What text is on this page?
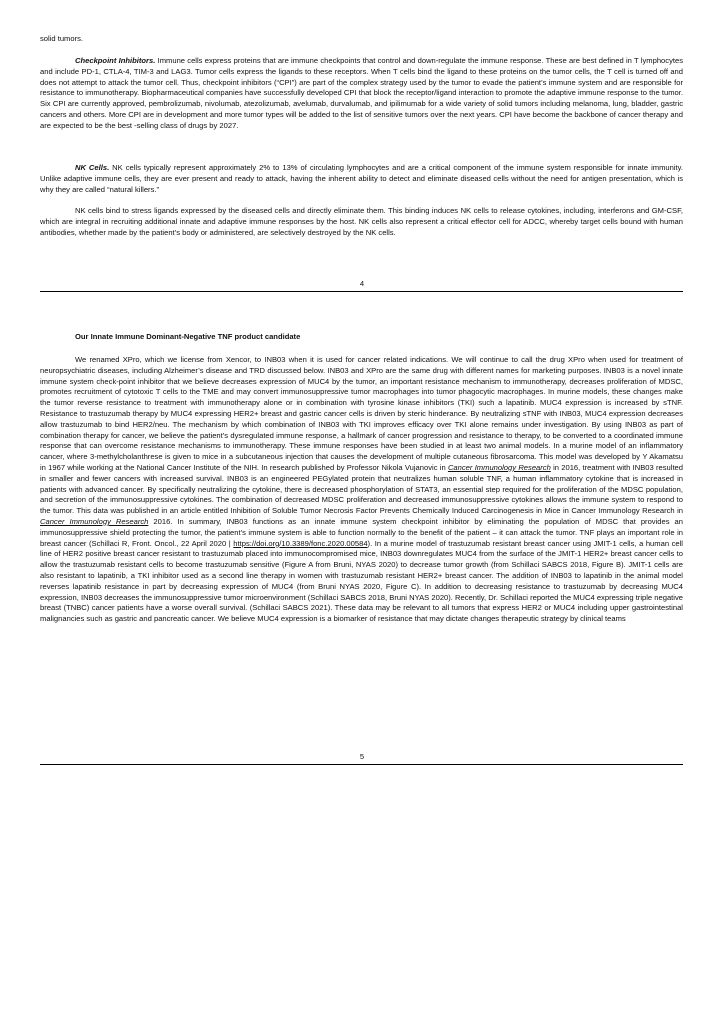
solid tumors.

Checkpoint Inhibitors. Immune cells express proteins that are immune checkpoints that control and down-regulate the immune response. These are best defined in T lymphocytes and include PD-1, CTLA-4, TIM-3 and LAG3. Tumor cells express the ligands to these receptors. When T cells bind the ligand to these proteins on the tumor cells, the T cell is turned off and does not attempt to attack the tumor cell. Thus, checkpoint inhibitors (“CPI”) are part of the complex strategy used by the tumor to evade the patient’s immune system and are responsible for resistance to immunotherapy. Biopharmaceutical companies have successfully developed CPI that block the receptor/ligand interaction to promote the adaptive immune response to the tumor. Six CPI are currently approved, pembrolizumab, nivolumab, atezolizumab, avelumab, durvalumab, and ipilimumab for a wide variety of solid tumors including melanoma, lung, bladder, gastric cancers and others. More CPI are in development and more tumor types will be added to the list of sensitive tumors over the next years. CPI have become the backbone of cancer therapy and are expected to be the best -selling class of drugs by 2027.

NK Cells. NK cells typically represent approximately 2% to 13% of circulating lymphocytes and are a critical component of the immune system responsible for innate immunity. Unlike adaptive immune cells, they are ever present and ready to attack, having the inherent ability to detect and eliminate diseased cells without the need for antigen presentation, which is why they are called “natural killers.”

NK cells bind to stress ligands expressed by the diseased cells and directly eliminate them. This binding induces NK cells to release cytokines, including, interferons and GM-CSF, which are integral in recruiting additional innate and adaptive immune responses by the host. NK cells also represent a critical effector cell for ADCC, whereby target cells bound with human antibodies, whether made by the patient’s body or administered, are selectively destroyed by the NK cells.

4

Our Innate Immune Dominant-Negative TNF product candidate

We renamed XPro, which we license from Xencor, to INB03 when it is used for cancer related indications. We will continue to call the drug XPro when used for treatment of neuropsychiatric diseases, including Alzheimer’s disease and TRD discussed below. INB03 and XPro are the same drug with different names for marketing purposes. INB03 is a novel innate immune system check-point inhibitor that we believe decreases expression of MUC4 by the tumor, an important resistance mechanism to immunotherapy, decreases proliferation of MDSC, promotes recruitment of cytotoxic T cells to the TME and may convert immunosuppressive tumor macrophages into tumor phagocytic macrophages. In murine models, these changes make the tumor reverse resistance to treatment with immunotherapy alone or in combination with tyrosine kinase inhibitors (TKI) such a lapatinib. MUC4 expression is increased by sTNF. Resistance to trastuzumab therapy by MUC4 expressing HER2+ breast and gastric cancer cells is driven by steric hinderance. By neutralizing sTNF with INB03, MUC4 expression decreases allow trastuzumab to bind HER2/neu. The mechanism by which combination of INB03 with TKI improves efficacy over TKI alone remains under investigation. By using INB03 as part of combination therapy for cancer, we believe the patient’s dysregulated immune response, a hallmark of cancer progression and resistance to therapy, to be converted to a coordinated immune response that can overcome resistance mechanisms to immunotherapy. These immune responses have been studied in at least two animal models. In a murine model of an inflammatory cancer, where 3-methylcholanthrese is given to mice in a subcutaneous injection that causes the development of multiple cutaneous fibrosarcoma. This model was developed by Y Akamatsu in 1967 while working at the National Cancer Institute of the NIH. In research published by Professor Nikola Vujanovic in Cancer Immunology Research in 2016, treatment with INB03 resulted in smaller and fewer cancers with increased survival. INB03 is an engineered PEGylated protein that neutralizes human soluble TNF, a human inflammatory cytokine that is increased in patients with advanced cancer. By specifically neutralizing the cytokine, there is decreased phosphorylation of STAT3, an essential step required for the proliferation of the MDSC population, and secretion of the immunosuppressive cytokines. The combination of decreased MDSC proliferation and decreased immunosuppressive cytokines allows the immune system to respond to the tumor. This data was published in an article entitled Inhibition of Soluble Tumor Necrosis Factor Prevents Chemically Induced Carcinogenesis in Mice in Cancer Immunology Research in Cancer Immunology Research 2016. In summary, INB03 functions as an innate immune system checkpoint inhibitor by eliminating the population of MDSC that provides an immunosuppressive shield protecting the tumor, the patient’s immune system is able to function normally to the benefit of the patient – it can attack the tumor. TNF plays an important role in breast cancer (Schillaci R, Front. Oncol., 22 April 2020 | https://doi.org/10.3389/fonc.2020.00584). In a murine model of trastuzumab resistant breast cancer using JMIT-1 cells, a human cell line of HER2 positive breast cancer resistant to trastuzumab placed into immunocompromised mice, INB03 downregulates MUC4 from the surface of the JMIT-1 HER2+ breast cancer cells to allow the trastuzumab resistant cells to become trastuzumab sensitive (Figure A from Bruni, NYAS 2020) to decrease tumor growth (from Schillaci SABCS 2018, Figure B). JMIT-1 cells are also resistant to lapatinib, a TKI inhibitor used as a second line therapy in women with trastuzumab resistant HER2+ breast cancer. The addition of INB03 to lapatinib in the animal model reverses lapatinib resistance in part by decreasing expression of MUC4 (from Bruni NYAS 2020, Figure C). In addition to decreasing resistance to trastuzumab by decreasing MUC4 expression, INB03 decreases the immunosuppressive tumor microenvironment (Schillaci SABCS 2018, Bruni NYAS 2020). Recently, Dr. Schillaci reported the MUC4 expressing triple negative breast (TNBC) cancer patients have a worse overall survival. (Schillaci SABCS 2021). These data may be relevant to all tumors that express HER2 or MUC4 including upper gastrointestinal malignancies such as gastric and pancreatic cancer. We believe MUC4 expression is a biomarker of resistance that may dictate changes therapeutic strategy by clinical teams

5
